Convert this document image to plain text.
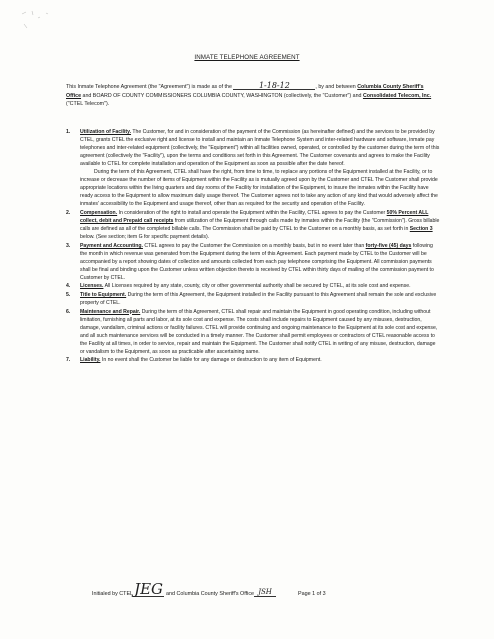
INMATE TELEPHONE AGREEMENT
This Inmate Telephone Agreement (the "Agreement") is made as of the	1-18-12	, by and between Columbia County Sheriff's Office and BOARD OF COUNTY COMMISSIONERS COLUMBIA COUNTY, WASHINGTON (collectively, the "Customer") and Consolidated Telecom, Inc. ("CTEL Telecom").
1. Utilization of Facility. The Customer, for and in consideration of the payment of the Commission (as hereinafter defined) and the services to be provided by CTEL, grants CTEL the exclusive right and license to install and maintain an Inmate Telephone System and inter-related hardware and software, inmate pay telephones and inter-related equipment (collectively, the "Equipment") within all facilities owned, operated, or controlled by the customer during the term of this agreement (collectively the "Facility"), upon the terms and conditions set forth in this Agreement. The Customer covenants and agrees to make the Facility available to CTEL for complete installation and operation of the Equipment as soon as possible after the date hereof.
During the term of this Agreement, CTEL shall have the right, from time to time, to replace any portions of the Equipment installed at the Facility, or to increase or decrease the number of items of Equipment within the Facility as is mutually agreed upon by the Customer and CTEL The Customer shall provide appropriate locations within the living quarters and day rooms of the Facility for installation of the Equipment, to insure the inmates within the Facility have ready access to the Equipment to allow maximum daily usage thereof. The Customer agrees not to take any action of any kind that would adversely affect the inmates' accessibility to the Equipment and usage thereof, other than as required for the security and operation of the Facility.
2. Compensation. In consideration of the right to install and operate the Equipment within the Facility, CTEL agrees to pay the Customer 50% Percent ALL collect, debit and Prepaid call receipts from utilization of the Equipment through calls made by inmates within the Facility (the "Commission"). Gross billable calls are defined as all of the completed billable calls. The Commission shall be paid by CTEL to the Customer on a monthly basis, as set forth in Section 3 below. (See section; item G for specific payment details).
3. Payment and Accounting. CTEL agrees to pay the Customer the Commission on a monthly basis, but in no event later than forty-five (45) days following the month in which revenue was generated from the Equipment during the term of this Agreement. Each payment made by CTEL to the Customer will be accompanied by a report showing dates of collection and amounts collected from each pay telephone comprising the Equipment. All commission payments shall be final and binding upon the Customer unless written objection thereto is received by CTEL within thirty days of mailing of the commission payment to Customer by CTEL.
4. Licenses. All Licenses required by any state, county, city or other governmental authority shall be secured by CTEL, at its sole cost and expense.
5. Title to Equipment. During the term of this Agreement, the Equipment installed in the Facility pursuant to this Agreement shall remain the sole and exclusive property of CTEL.
6. Maintenance and Repair. During the term of this Agreement, CTEL shall repair and maintain the Equipment in good operating condition, including without limitation, furnishing all parts and labor, at its sole cost and expense. The costs shall include repairs to Equipment caused by any misuses, destruction, damage, vandalism, criminal actions or facility failures. CTEL will provide continuing and ongoing maintenance to the Equipment at its sole cost and expense, and all such maintenance services will be conducted in a timely manner. The Customer shall permit employees or contractors of CTEL reasonable access to the Facility at all times, in order to service, repair and maintain the Equipment. The Customer shall notify CTEL in writing of any misuse, destruction, damage or vandalism to the Equipment, as soon as practicable after ascertaining same.
7. Liability. In no event shall the Customer be liable for any damage or destruction to any item of Equipment.
Initialed by CTEL JEG and Columbia County Sheriff's Office JSH	Page 1 of 3
